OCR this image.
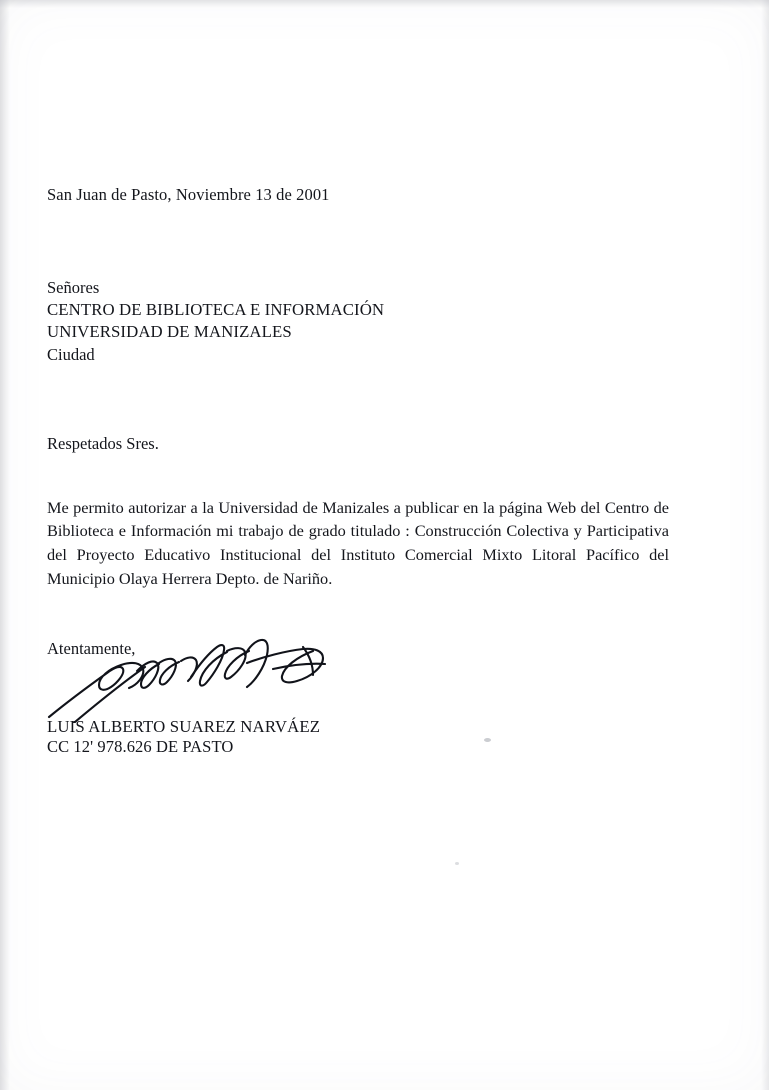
San Juan de Pasto, Noviembre 13 de 2001
Señores
CENTRO DE BIBLIOTECA E INFORMACIÓN
UNIVERSIDAD DE MANIZALES
Ciudad
Respetados Sres.
Me permito autorizar a la Universidad de Manizales a publicar en la página Web del Centro de Biblioteca e Información mi trabajo de grado titulado : Construcción Colectiva y Participativa del Proyecto Educativo Institucional del Instituto Comercial Mixto Litoral Pacífico del Municipio Olaya Herrera Depto. de Nariño.
Atentamente,
LUIS ALBERTO SUAREZ NARVÁEZ
CC 12' 978.626 DE PASTO
